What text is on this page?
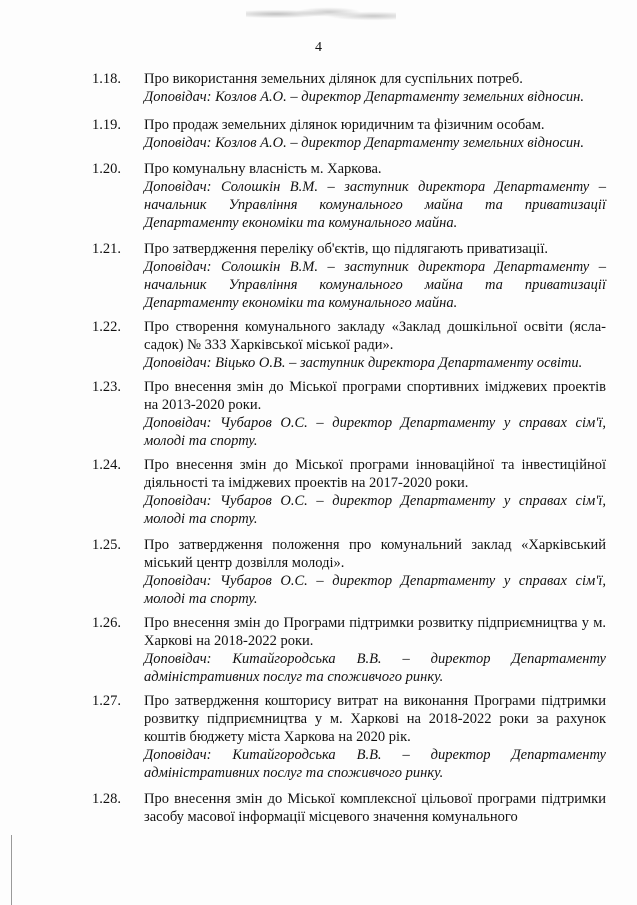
4
1.18. Про використання земельних ділянок для суспільних потреб.
Доповідач: Козлов А.О. – директор Департаменту земельних відносин.
1.19. Про продаж земельних ділянок юридичним та фізичним особам.
Доповідач: Козлов А.О. – директор Департаменту земельних відносин.
1.20. Про комунальну власність м. Харкова.
Доповідач: Солошкін В.М. – заступник директора Департаменту – начальник Управління комунального майна та приватизації Департаменту економіки та комунального майна.
1.21. Про затвердження переліку об'єктів, що підлягають приватизації.
Доповідач: Солошкін В.М. – заступник директора Департаменту – начальник Управління комунального майна та приватизації Департаменту економіки та комунального майна.
1.22. Про створення комунального закладу «Заклад дошкільної освіти (ясла-садок) № 333 Харківської міської ради».
Доповідач: Віцько О.В. – заступник директора Департаменту освіти.
1.23. Про внесення змін до Міської програми спортивних іміджевих проектів на 2013-2020 роки.
Доповідач: Чубаров О.С. – директор Департаменту у справах сім'ї, молоді та спорту.
1.24. Про внесення змін до Міської програми інноваційної та інвестиційної діяльності та іміджевих проектів на 2017-2020 роки.
Доповідач: Чубаров О.С. – директор Департаменту у справах сім'ї, молоді та спорту.
1.25. Про затвердження положення про комунальний заклад «Харківський міський центр дозвілля молоді».
Доповідач: Чубаров О.С. – директор Департаменту у справах сім'ї, молоді та спорту.
1.26. Про внесення змін до Програми підтримки розвитку підприємництва у м. Харкові на 2018-2022 роки.
Доповідач: Китайгородська В.В. – директор Департаменту адміністративних послуг та споживчого ринку.
1.27. Про затвердження кошторису витрат на виконання Програми підтримки розвитку підприємництва у м. Харкові на 2018-2022 роки за рахунок коштів бюджету міста Харкова на 2020 рік.
Доповідач: Китайгородська В.В. – директор Департаменту адміністративних послуг та споживчого ринку.
1.28. Про внесення змін до Міської комплексної цільової програми підтримки засобу масової інформації місцевого значення комунального
